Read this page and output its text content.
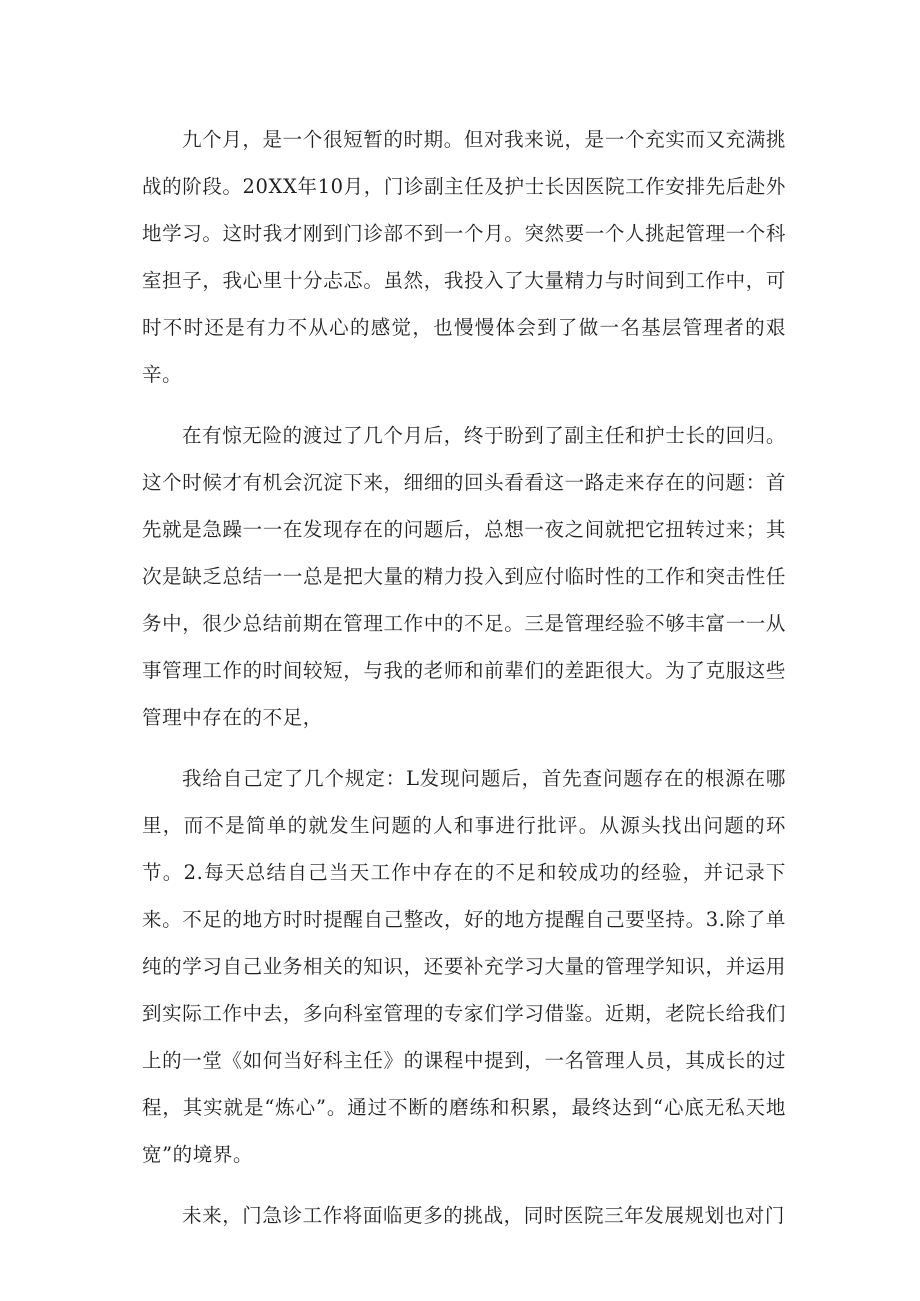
九个月，是一个很短暂的时期。但对我来说，是一个充实而又充满挑战的阶段。20XX年10月，门诊副主任及护士长因医院工作安排先后赴外地学习。这时我才刚到门诊部不到一个月。突然要一个人挑起管理一个科室担子，我心里十分忐忑。虽然，我投入了大量精力与时间到工作中，可时不时还是有力不从心的感觉，也慢慢体会到了做一名基层管理者的艰辛。

在有惊无险的渡过了几个月后，终于盼到了副主任和护士长的回归。这个时候才有机会沉淀下来，细细的回头看看这一路走来存在的问题：首先就是急躁一一在发现存在的问题后，总想一夜之间就把它扭转过来；其次是缺乏总结一一总是把大量的精力投入到应付临时性的工作和突击性任务中，很少总结前期在管理工作中的不足。三是管理经验不够丰富一一从事管理工作的时间较短，与我的老师和前辈们的差距很大。为了克服这些管理中存在的不足，

我给自己定了几个规定：L发现问题后，首先查问题存在的根源在哪里，而不是简单的就发生问题的人和事进行批评。从源头找出问题的环节。2.每天总结自己当天工作中存在的不足和较成功的经验，并记录下来。不足的地方时时提醒自己整改，好的地方提醒自己要坚持。3.除了单纯的学习自己业务相关的知识，还要补充学习大量的管理学知识，并运用到实际工作中去，多向科室管理的专家们学习借鉴。近期，老院长给我们上的一堂《如何当好科主任》的课程中提到，一名管理人员，其成长的过程，其实就是“炼心”。通过不断的磨练和积累，最终达到“心底无私天地宽”的境界。

未来，门急诊工作将面临更多的挑战，同时医院三年发展规划也对门
